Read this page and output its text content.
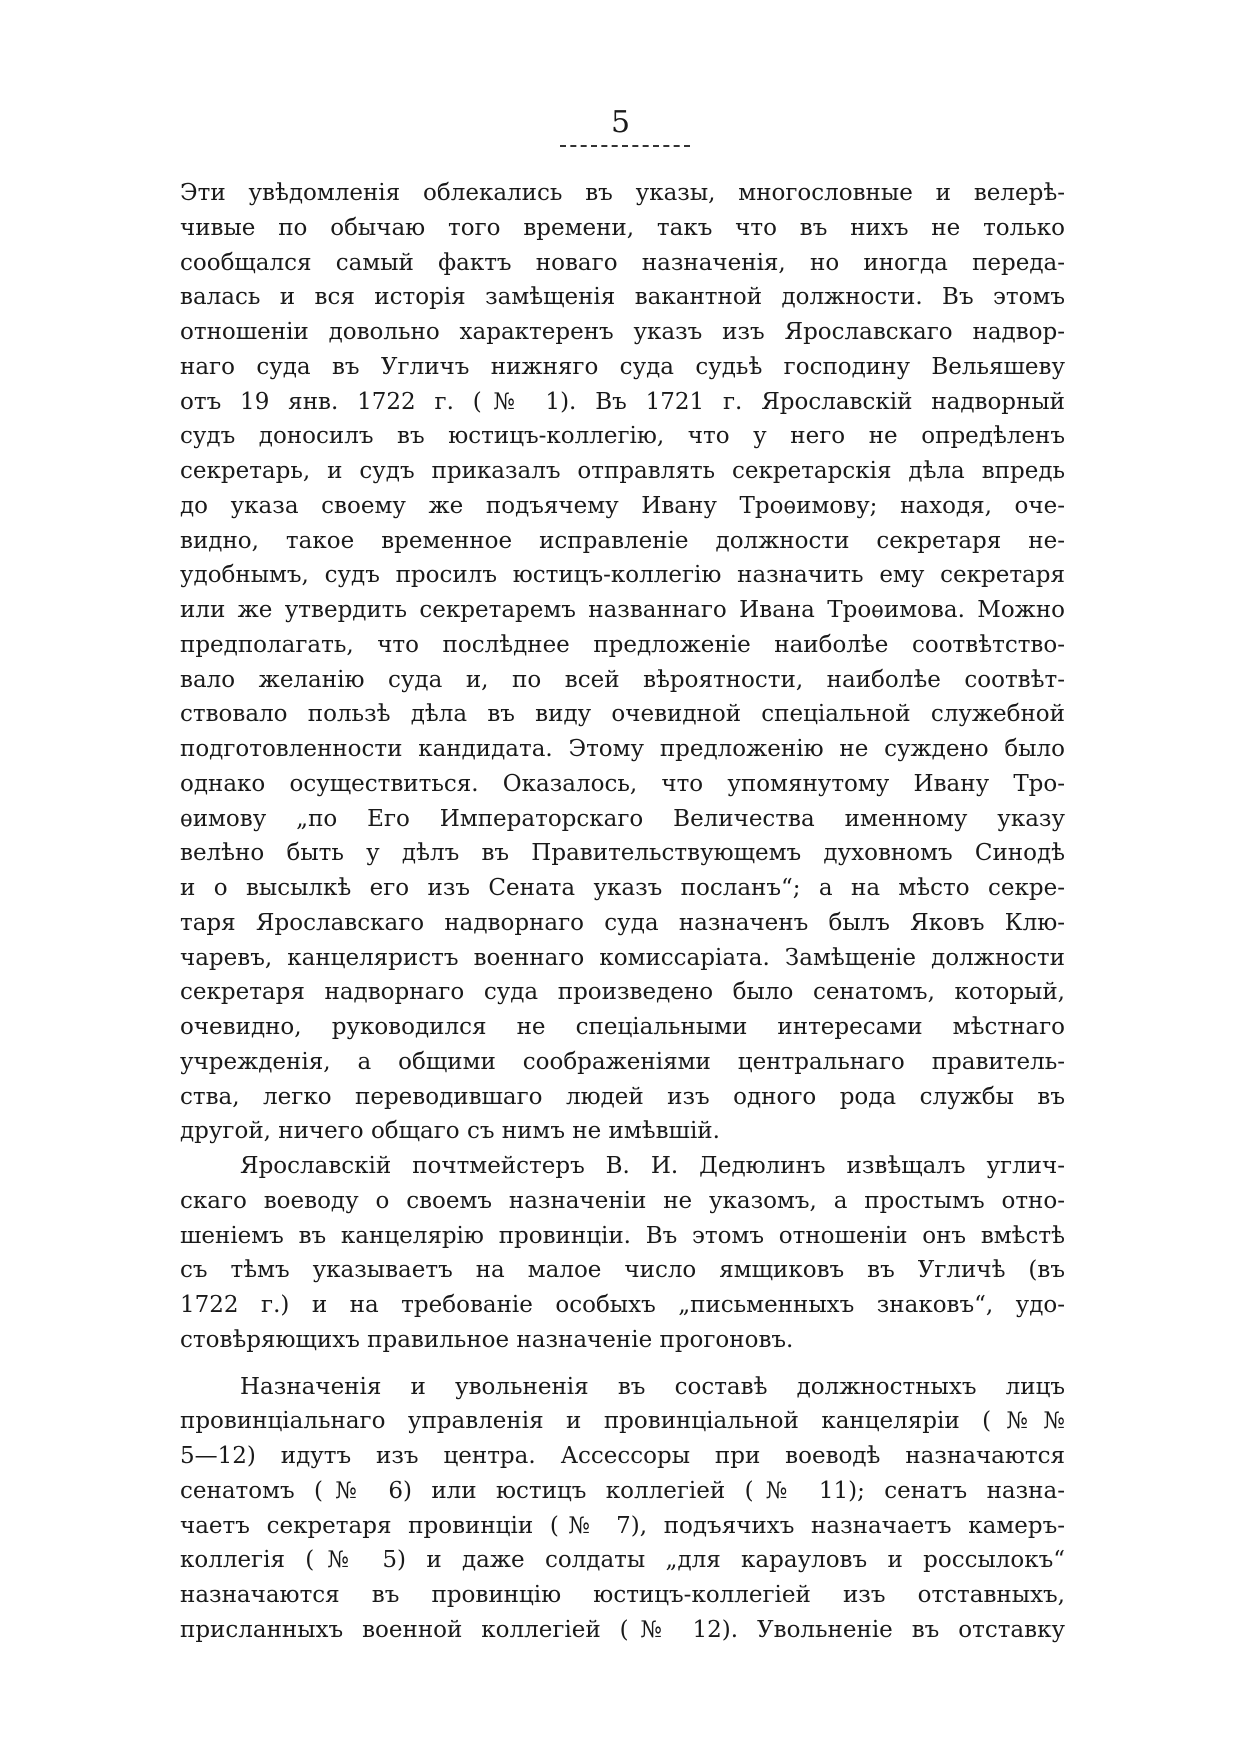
5
Эти увѣдомленія облекались въ указы, многословные и велерѣ-
чивые по обычаю того времени, такъ что въ нихъ не только
сообщался самый фактъ новаго назначенія, но иногда переда-
валась и вся исторія замѣщенія вакантной должности. Въ этомъ
отношеніи довольно характеренъ указъ изъ Ярославскаго надвор-
наго суда въ Угличъ нижняго суда судьѣ господину Вельяшеву
отъ 19 янв. 1722 г. (№ 1). Въ 1721 г. Ярославскій надворный
судъ доносилъ въ юстицъ-коллегію, что у него не опредѣленъ
секретарь, и судъ приказалъ отправлять секретарскія дѣла впредь
до указа своему же подъячему Ивану Троѳимову; находя, оче-
видно, такое временное исправленіе должности секретаря не-
удобнымъ, судъ просилъ юстицъ-коллегію назначить ему секретаря
или же утвердить секретаремъ названнаго Ивана Троѳимова. Можно
предполагать, что послѣднее предложеніе наиболѣе соотвѣтство-
вало желанію суда и, по всей вѣроятности, наиболѣе соотвѣт-
ствовало пользѣ дѣла въ виду очевидной спеціальной служебной
подготовленности кандидата. Этому предложенію не суждено было
однако осуществиться. Оказалось, что упомянутому Ивану Тро-
ѳимову „по Его Императорскаго Величества именному указу
велѣно быть у дѣлъ въ Правительствующемъ духовномъ Синодѣ
и о высылкѣ его изъ Сената указъ посланъ“; а на мѣсто секре-
таря Ярославскаго надворнаго суда назначенъ былъ Яковъ Клю-
чаревъ, канцеляристъ военнаго комиссаріата. Замѣщеніе должности
секретаря надворнаго суда произведено было сенатомъ, который,
очевидно, руководился не спеціальными интересами мѣстнаго
учрежденія, а общими соображеніями центральнаго правитель-
ства, легко переводившаго людей изъ одного рода службы въ
другой, ничего общаго съ нимъ не имѣвшій.
Ярославскій почтмейстеръ В. И. Дедюлинъ извѣщалъ углич-
скаго воеводу о своемъ назначеніи не указомъ, а простымъ отно-
шеніемъ въ канцелярію провинціи. Въ этомъ отношеніи онъ вмѣстѣ
съ тѣмъ указываетъ на малое число ямщиковъ въ Угличѣ (въ
1722 г.) и на требованіе особыхъ „письменныхъ знаковъ“, удо-
стовѣряющихъ правильное назначеніе прогоновъ.
Назначенія и увольненія въ составѣ должностныхъ лицъ
провинціальнаго управленія и провинціальной канцеляріи (№№
5—12) идутъ изъ центра. Ассессоры при воеводѣ назначаются
сенатомъ (№ 6) или юстицъ коллегіей (№ 11); сенатъ назна-
чаетъ секретаря провинціи (№ 7), подъячихъ назначаетъ камеръ-
коллегія (№ 5) и даже солдаты „для карауловъ и россылокъ“
назначаются въ провинцію юстицъ-коллегіей изъ отставныхъ,
присланныхъ военной коллегіей (№ 12). Увольненіе въ отставку
